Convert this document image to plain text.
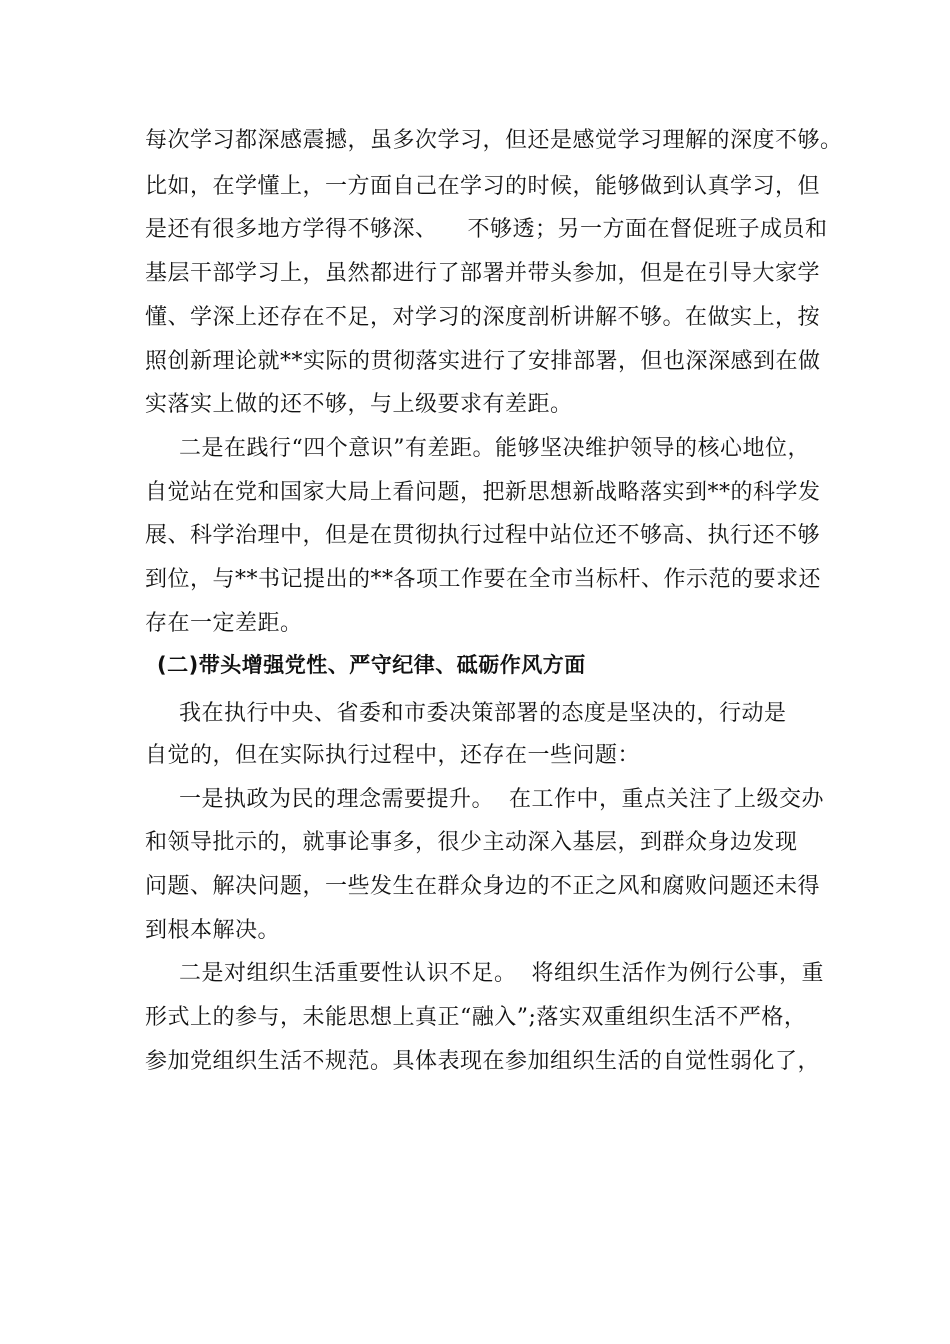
每次学习都深感震撼，虽多次学习，但还是感觉学习理解的深度不够。
比如，在学懂上，一方面自己在学习的时候，能够做到认真学习，但
是还有很多地方学得不够深、    不够透；另一方面在督促班子成员和
基层干部学习上，虽然都进行了部署并带头参加，但是在引导大家学
懂、学深上还存在不足，对学习的深度剖析讲解不够。在做实上，按
照创新理论就**实际的贯彻落实进行了安排部署，但也深深感到在做
实落实上做的还不够，与上级要求有差距。
二是在践行“四个意识”有差距。能够坚决维护领导的核心地位，
自觉站在党和国家大局上看问题，把新思想新战略落实到**的科学发
展、科学治理中，但是在贯彻执行过程中站位还不够高、执行还不够
到位，与**书记提出的**各项工作要在全市当标杆、作示范的要求还
存在一定差距。
(二)带头增强党性、严守纪律、砥砺作风方面
我在执行中央、省委和市委决策部署的态度是坚决的，行动是
自觉的，但在实际执行过程中，还存在一些问题：
一是执政为民的理念需要提升。  在工作中，重点关注了上级交办
和领导批示的，就事论事多，很少主动深入基层，到群众身边发现
问题、解决问题，一些发生在群众身边的不正之风和腐败问题还未得
到根本解决。
二是对组织生活重要性认识不足。  将组织生活作为例行公事，重
形式上的参与，未能思想上真正“融入”;落实双重组织生活不严格，
参加党组织生活不规范。具体表现在参加组织生活的自觉性弱化了，
